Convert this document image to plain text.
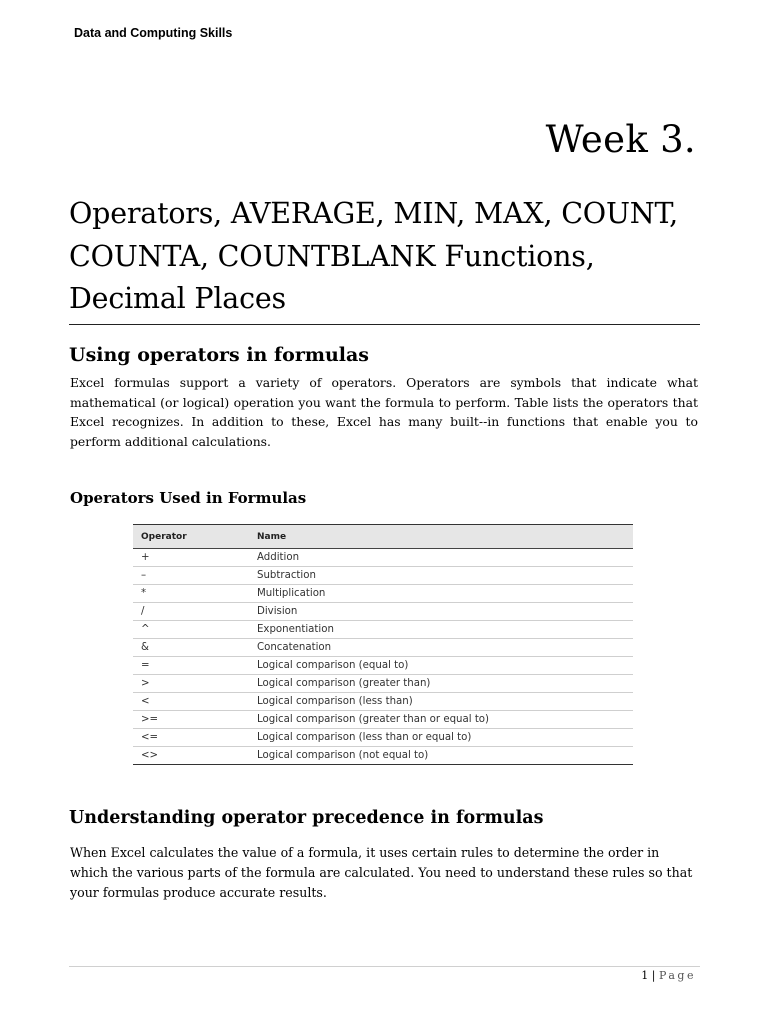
Data and Computing Skills
Week 3.
Operators, AVERAGE, MIN, MAX, COUNT, COUNTA, COUNTBLANK Functions, Decimal Places
Using operators in formulas

Excel formulas support a variety of operators. Operators are symbols that indicate what mathematical (or logical) operation you want the formula to perform. Table lists the operators that Excel recognizes. In addition to these, Excel has many built--in functions that enable you to perform additional calculations.

Operators Used in Formulas
Operator	Name
+	Addition
–	Subtraction
*	Multiplication
/	Division
^	Exponentiation
&	Concatenation
=	Logical comparison (equal to)
>	Logical comparison (greater than)
<	Logical comparison (less than)
>=	Logical comparison (greater than or equal to)
<=	Logical comparison (less than or equal to)
<>	Logical comparison (not equal to)
Understanding operator precedence in formulas

When Excel calculates the value of a formula, it uses certain rules to determine the order in which the various parts of the formula are calculated. You need to understand these rules so that your formulas produce accurate results.

1 | Page
